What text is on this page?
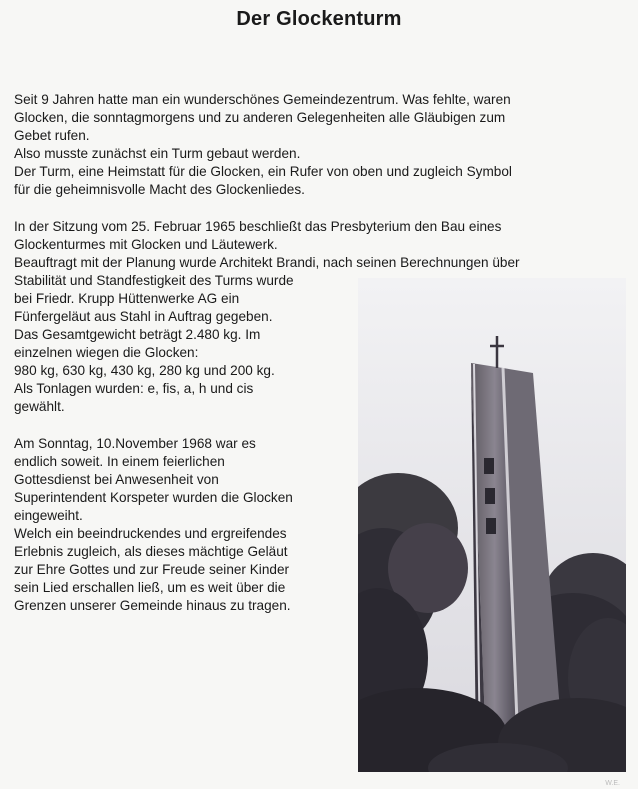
Der Glockenturm

Seit 9 Jahren hatte man ein wunderschönes Gemeindezentrum. Was fehlte, waren
Glocken, die sonntagmorgens und zu anderen Gelegenheiten alle Gläubigen zum
Gebet rufen.
Also musste zunächst ein Turm gebaut werden.
Der Turm, eine Heimstatt für die Glocken, ein Rufer von oben und zugleich Symbol
für die geheimnisvolle Macht des Glockenliedes.

In der Sitzung vom 25. Februar 1965 beschließt das Presbyterium den Bau eines
Glockenturmes mit Glocken und Läutewerk.
Beauftragt mit der Planung wurde Architekt Brandi, nach seinen Berechnungen über

Stabilität und Standfestigkeit des Turms wurde
bei Friedr. Krupp Hüttenwerke AG ein
Fünfergeläut aus Stahl in Auftrag gegeben.
Das Gesamtgewicht beträgt 2.480 kg. Im
einzelnen wiegen die Glocken:
980 kg, 630 kg, 430 kg, 280 kg und 200 kg.
Als Tonlagen wurden: e, fis, a, h und cis
gewählt.

Am Sonntag, 10.November 1968 war es
endlich soweit. In einem feierlichen
Gottesdienst bei Anwesenheit von
Superintendent Korspeter wurden die Glocken
eingeweiht.
Welch ein beeindruckendes und ergreifendes
Erlebnis zugleich, als dieses mächtige Geläut
zur Ehre Gottes und zur Freude seiner Kinder
sein Lied erschallen ließ, um es weit über die
Grenzen unserer Gemeinde hinaus zu tragen.

W.E.
